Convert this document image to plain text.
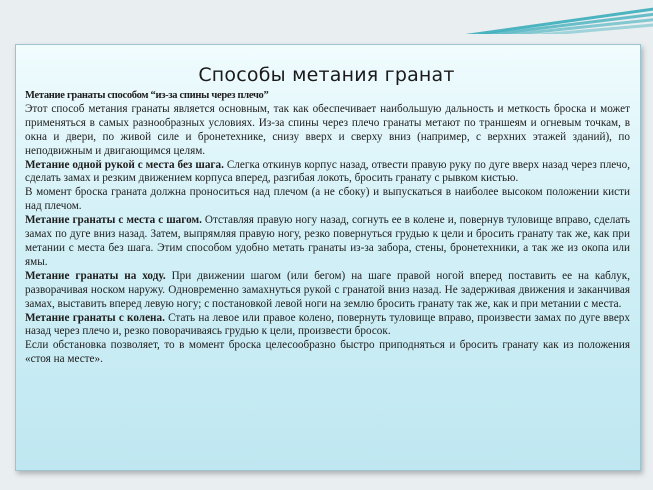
Способы метания гранат

Метание гранаты способом “из-за спины через плечо”

Этот способ метания гранаты является основным, так как обеспечивает наибольшую дальность и меткость броска и может применяться в самых разнообразных условиях. Из-за спины через плечо гранаты метают по траншеям и огневым точкам, в окна и двери, по живой силе и бронетехнике, снизу вверх и сверху вниз (например, с верхних этажей зданий), по неподвижным и двигающимся целям.

Метание одной рукой с места без шага. Слегка откинув корпус назад, отвести правую руку по дуге вверх назад через плечо, сделать замах и резким движением корпуса вперед, разгибая локоть, бросить гранату с рывком кистью.

В момент броска граната должна проноситься над плечом (а не сбоку) и выпускаться в наиболее высоком положении кисти над плечом.

Метание гранаты с места с шагом. Отставляя правую ногу назад, согнуть ее в колене и, повернув туловище вправо, сделать замах по дуге вниз назад. Затем, выпрямляя правую ногу, резко повернуться грудью к цели и бросить гранату так же, как при метании с места без шага. Этим способом удобно метать гранаты из-за забора, стены, бронетехники, а так же из окопа или ямы.

Метание гранаты на ходу. При движении шагом (или бегом) на шаге правой ногой вперед поставить ее на каблук, разворачивая носком наружу. Одновременно замахнуться рукой с гранатой вниз назад. Не задерживая движения и заканчивая замах, выставить вперед левую ногу; с постановкой левой ноги на землю бросить гранату так же, как и при метании с места.

Метание гранаты с колена. Стать на левое или правое колено, повернуть туловище вправо, произвести замах по дуге вверх назад через плечо и, резко поворачиваясь грудью к цели, произвести бросок.

Если обстановка позволяет, то в момент броска целесообразно быстро приподняться и бросить гранату как из положения «стоя на месте».
